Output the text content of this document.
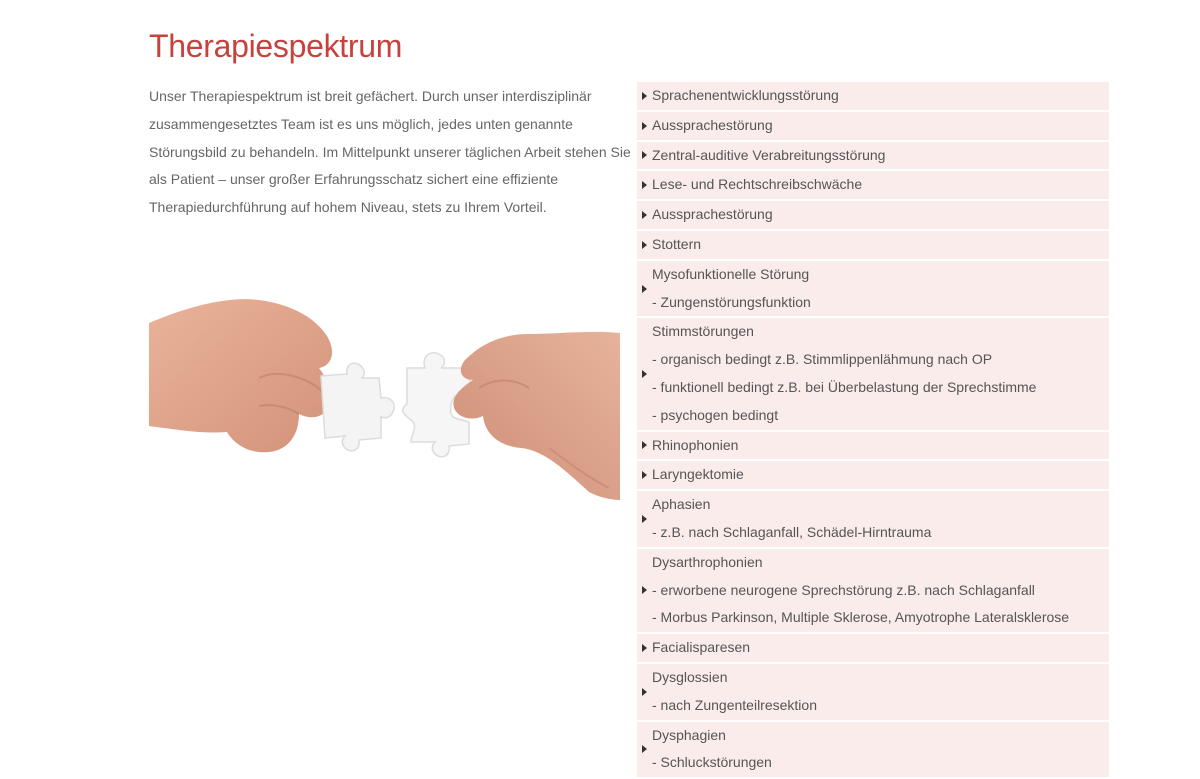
Therapiespektrum
Unser Therapiespektrum ist breit gefächert. Durch unser interdisziplinär
zusammengesetztes Team ist es uns möglich, jedes unten genannte
Störungsbild zu behandeln. Im Mittelpunkt unserer täglichen Arbeit stehen Sie
als Patient – unser großer Erfahrungsschatz sichert eine effiziente
Therapiedurchführung auf hohem Niveau, stets zu Ihrem Vorteil.
Sprachenentwicklungsstörung
Aussprachestörung
Zentral-auditive Verabreitungsstörung
Lese- und Rechtschreibschwäche
Aussprachestörung
Stottern
Mysofunktionelle Störung
- Zungenstörungsfunktion
Stimmstörungen
- organisch bedingt z.B. Stimmlippenlähmung nach OP
- funktionell bedingt z.B. bei Überbelastung der Sprechstimme
- psychogen bedingt
Rhinophonien
Laryngektomie
Aphasien
- z.B. nach Schlaganfall, Schädel-Hirntrauma
Dysarthrophonien
- erworbene neurogene Sprechstörung z.B. nach Schlaganfall
- Morbus Parkinson, Multiple Sklerose, Amyotrophe Lateralsklerose
Facialisparesen
Dysglossien
- nach Zungenteilresektion
Dysphagien
- Schluckstörungen
